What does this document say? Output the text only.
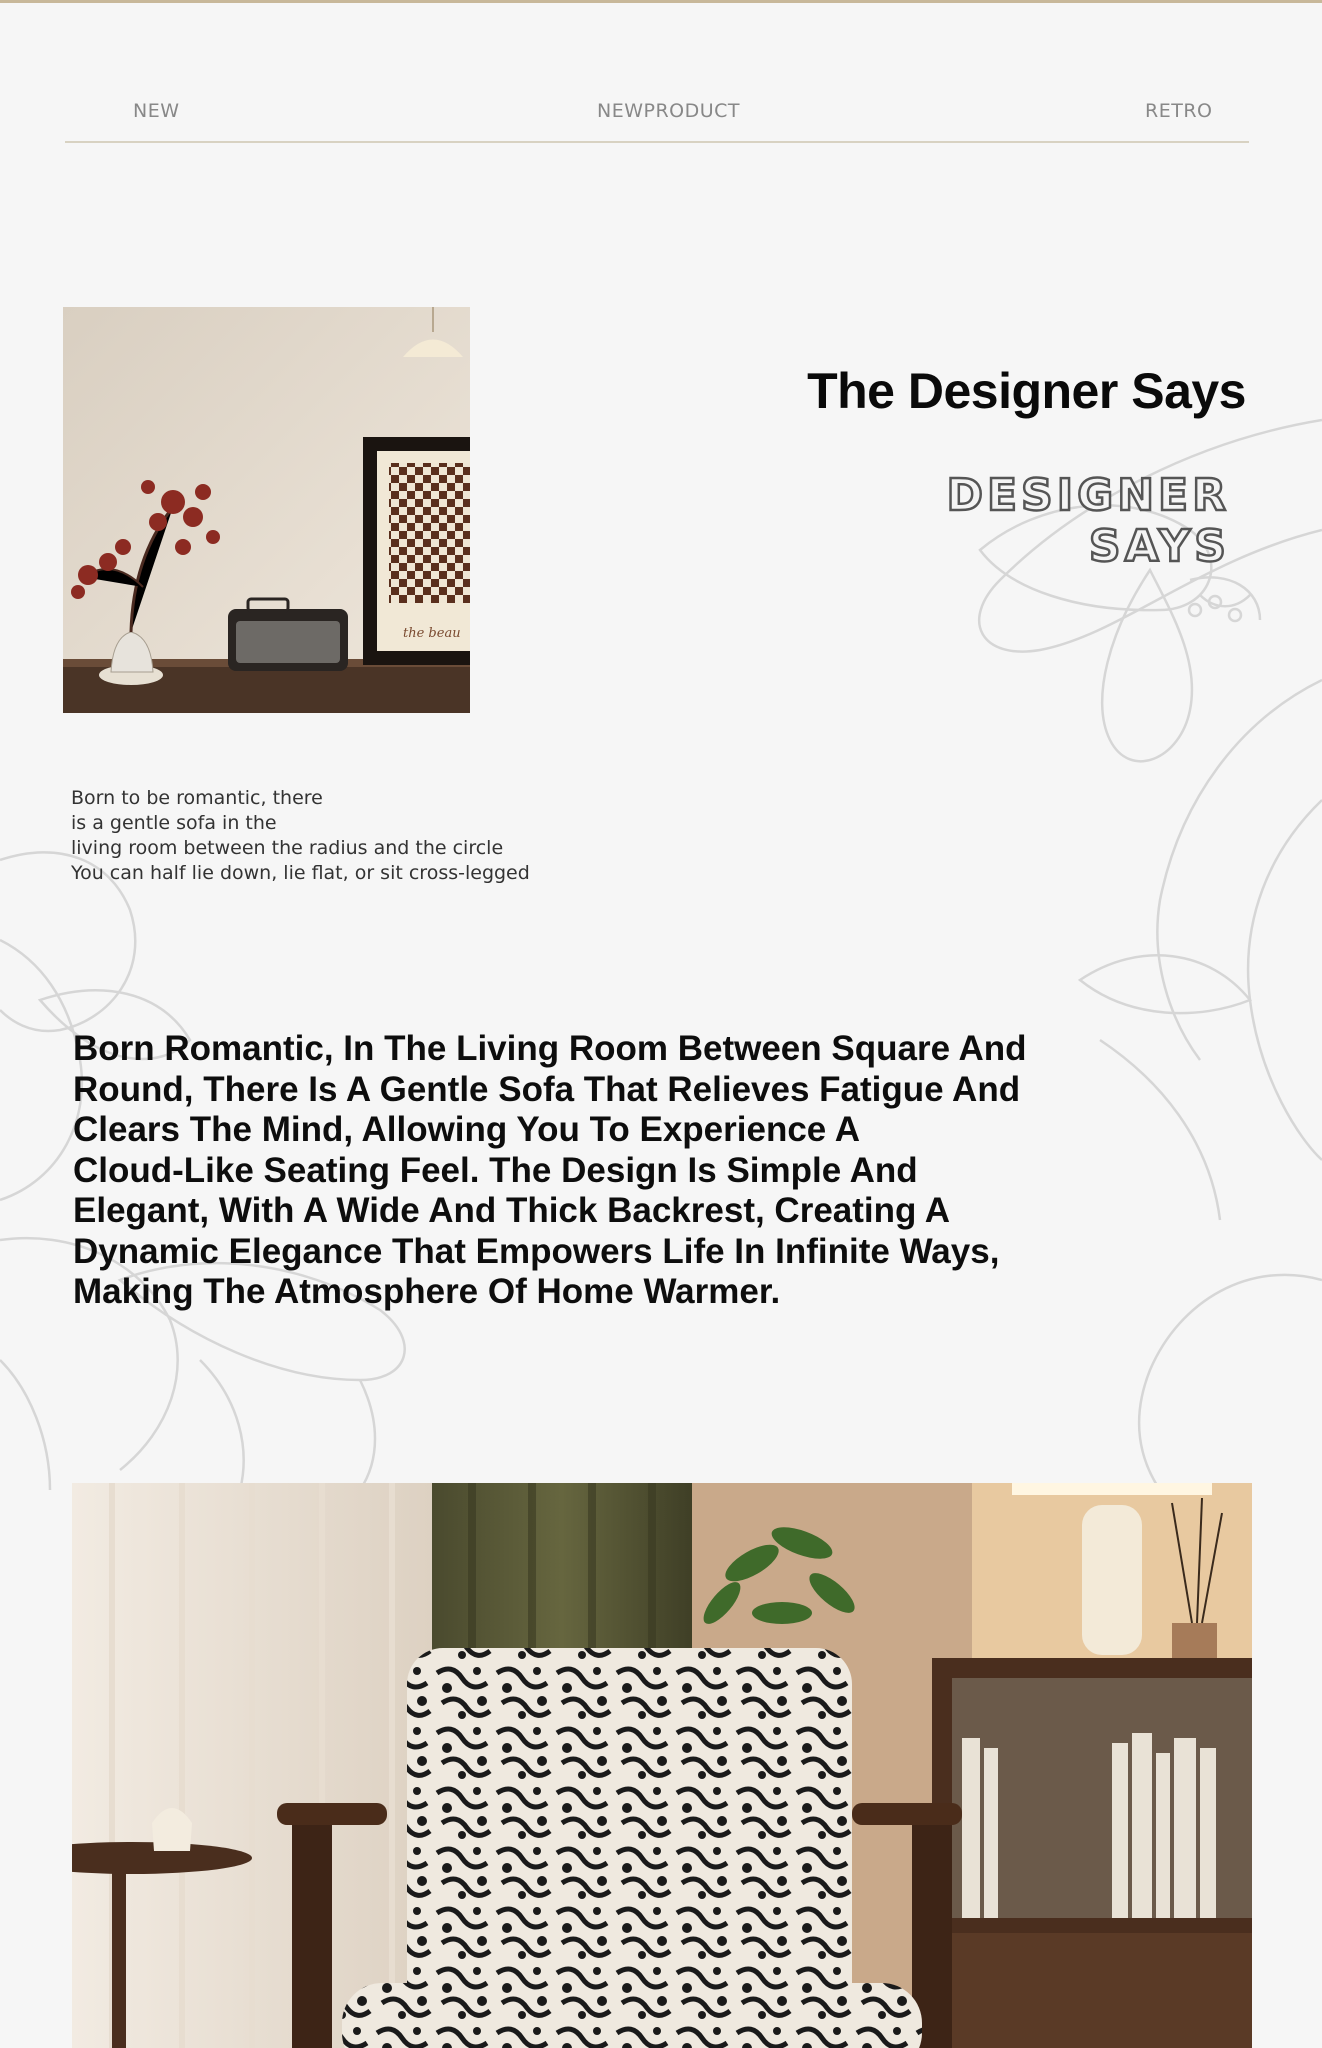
NEW	NEWPRODUCT	RETRO
the beau
The Designer Says
DESIGNER SAYS
Born to be romantic, there
is a gentle sofa in the
living room between the radius and the circle
You can half lie down, lie flat, or sit cross-legged
Born Romantic, In The Living Room Between Square And
Round, There Is A Gentle Sofa That Relieves Fatigue And
Clears The Mind, Allowing You To Experience A
Cloud-Like Seating Feel. The Design Is Simple And
Elegant, With A Wide And Thick Backrest, Creating A
Dynamic Elegance That Empowers Life In Infinite Ways,
Making The Atmosphere Of Home Warmer.
